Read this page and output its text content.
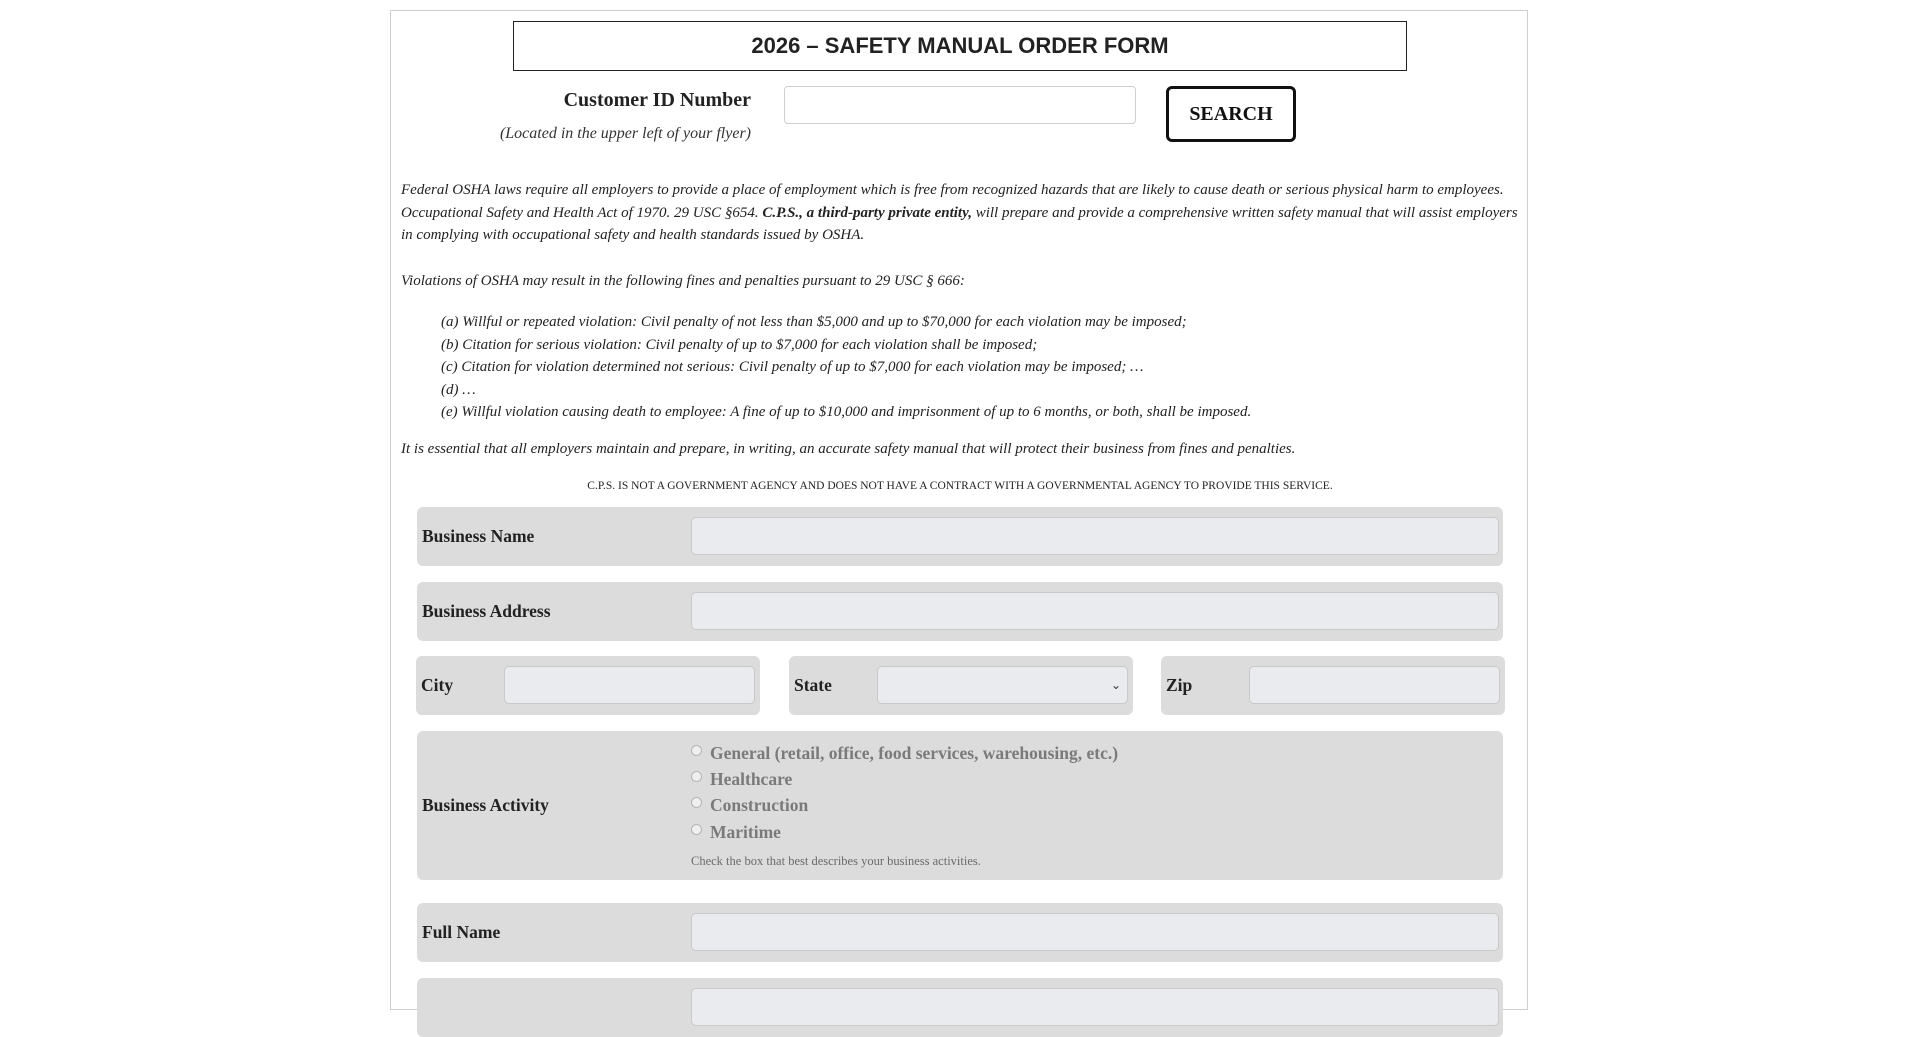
2026 – SAFETY MANUAL ORDER FORM
Customer ID Number
(Located in the upper left of your flyer)
SEARCH

Federal OSHA laws require all employers to provide a place of employment which is free from recognized hazards that are likely to cause death or serious physical harm to employees. Occupational Safety and Health Act of 1970. 29 USC §654. C.P.S., a third-party private entity, will prepare and provide a comprehensive written safety manual that will assist employers in complying with occupational safety and health standards issued by OSHA.

Violations of OSHA may result in the following fines and penalties pursuant to 29 USC § 666:
(a) Willful or repeated violation: Civil penalty of not less than $5,000 and up to $70,000 for each violation may be imposed;
(b) Citation for serious violation: Civil penalty of up to $7,000 for each violation shall be imposed;
(c) Citation for violation determined not serious: Civil penalty of up to $7,000 for each violation may be imposed; …
(d) …
(e) Willful violation causing death to employee: A fine of up to $10,000 and imprisonment of up to 6 months, or both, shall be imposed.
It is essential that all employers maintain and prepare, in writing, an accurate safety manual that will protect their business from fines and penalties.
C.P.S. IS NOT A GOVERNMENT AGENCY AND DOES NOT HAVE A CONTRACT WITH A GOVERNMENTAL AGENCY TO PROVIDE THIS SERVICE.
Business Name
Business Address
City	State	⌄	Zip
Business Activity
General (retail, office, food services, warehousing, etc.)
Healthcare
Construction
Maritime
Check the box that best describes your business activities.
Full Name
